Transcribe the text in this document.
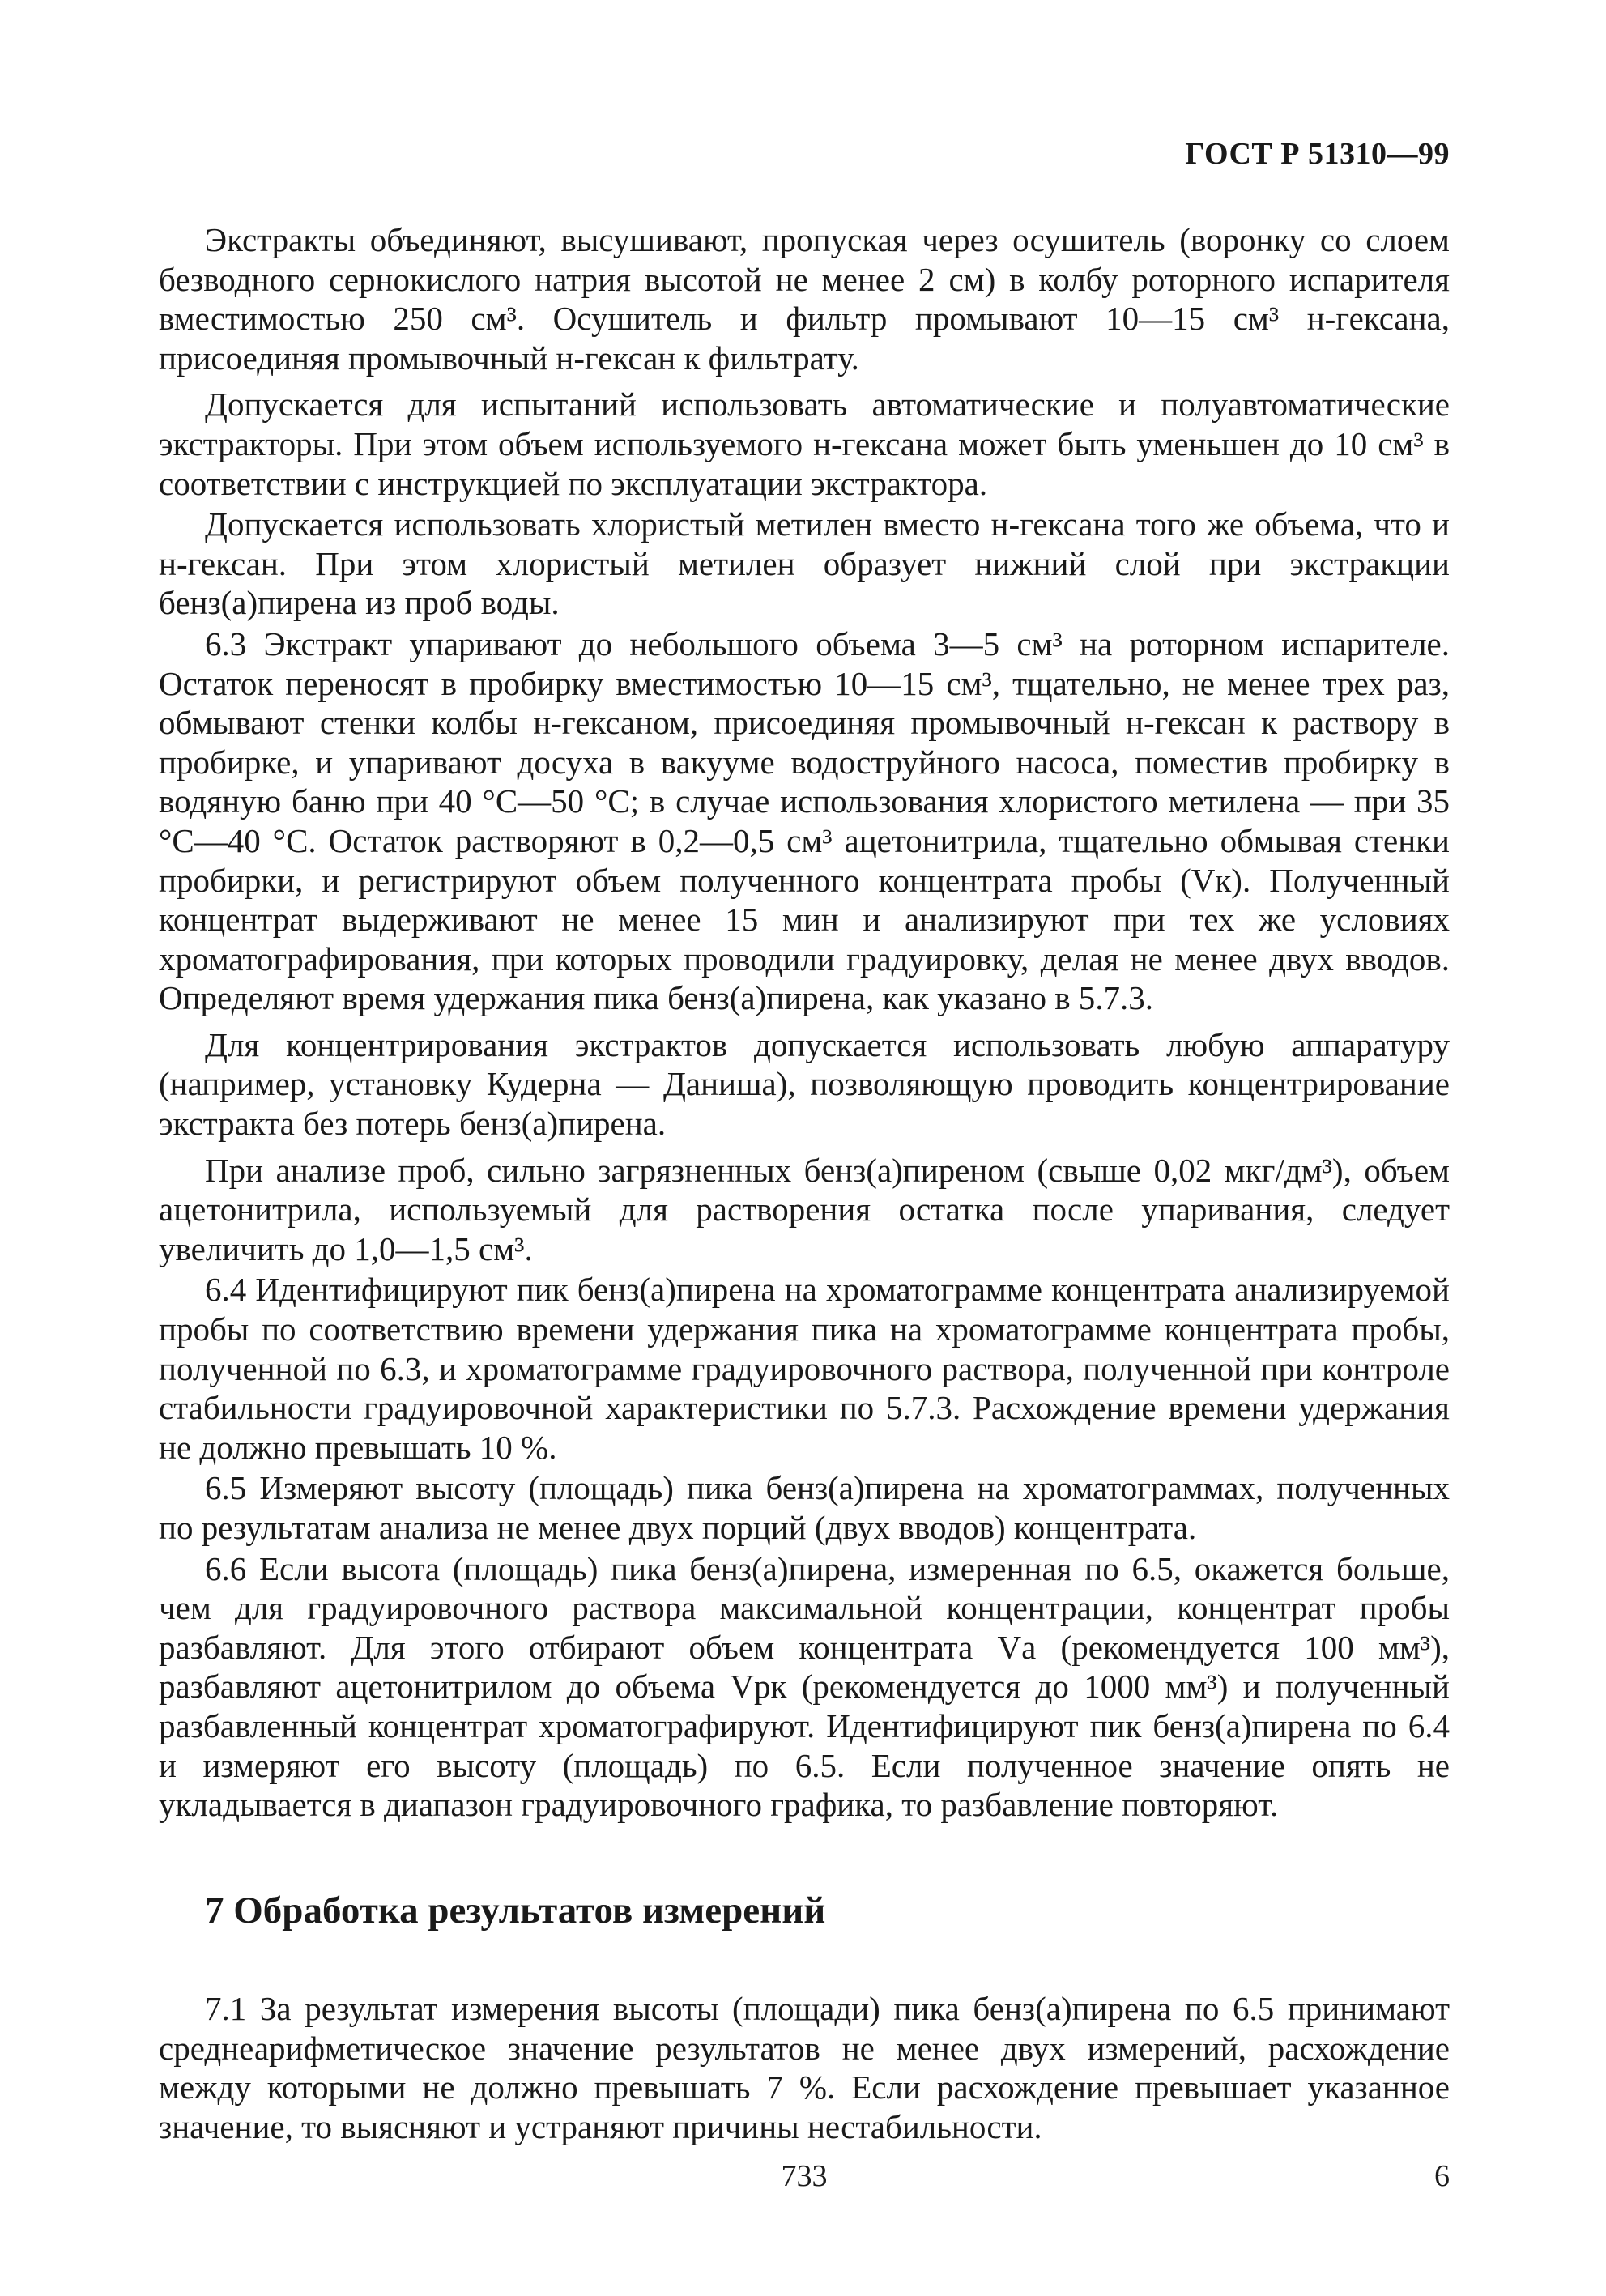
ГОСТ Р 51310—99

Экстракты объединяют, высушивают, пропуская через осушитель (воронку со слоем безводного сернокислого натрия высотой не менее 2 см) в колбу роторного испарителя вместимостью 250 см³. Осушитель и фильтр промывают 10—15 см³ н-гексана, присоединяя промывочный н-гексан к фильтрату.

Допускается для испытаний использовать автоматические и полуавтоматические экстракторы. При этом объем используемого н-гексана может быть уменьшен до 10 см³ в соответствии с инструкцией по эксплуатации экстрактора.

Допускается использовать хлористый метилен вместо н-гексана того же объема, что и н-гексан. При этом хлористый метилен образует нижний слой при экстракции бенз(а)пирена из проб воды.

6.3 Экстракт упаривают до небольшого объема 3—5 см³ на роторном испарителе. Остаток переносят в пробирку вместимостью 10—15 см³, тщательно, не менее трех раз, обмывают стенки колбы н-гексаном, присоединяя промывочный н-гексан к раствору в пробирке, и упаривают досуха в вакууме водоструйного насоса, поместив пробирку в водяную баню при 40 °С—50 °С; в случае использования хлористого метилена — при 35 °С—40 °С. Остаток растворяют в 0,2—0,5 см³ ацетонитрила, тщательно обмывая стенки пробирки, и регистрируют объем полученного концентрата пробы (Vк). Полученный концентрат выдерживают не менее 15 мин и анализируют при тех же условиях хроматографирования, при которых проводили градуировку, делая не менее двух вводов. Определяют время удержания пика бенз(а)пирена, как указано в 5.7.3.

Для концентрирования экстрактов допускается использовать любую аппаратуру (например, установку Кудерна — Даниша), позволяющую проводить концентрирование экстракта без потерь бенз(а)пирена.

При анализе проб, сильно загрязненных бенз(а)пиреном (свыше 0,02 мкг/дм³), объем ацетонитрила, используемый для растворения остатка после упаривания, следует увеличить до 1,0—1,5 см³.

6.4 Идентифицируют пик бенз(а)пирена на хроматограмме концентрата анализируемой пробы по соответствию времени удержания пика на хроматограмме концентрата пробы, полученной по 6.3, и хроматограмме градуировочного раствора, полученной при контроле стабильности градуировочной характеристики по 5.7.3. Расхождение времени удержания не должно превышать 10 %.

6.5 Измеряют высоту (площадь) пика бенз(а)пирена на хроматограммах, полученных по результатам анализа не менее двух порций (двух вводов) концентрата.

6.6 Если высота (площадь) пика бенз(а)пирена, измеренная по 6.5, окажется больше, чем для градуировочного раствора максимальной концентрации, концентрат пробы разбавляют. Для этого отбирают объем концентрата Vа (рекомендуется 100 мм³), разбавляют ацетонитрилом до объема Vрк (рекомендуется до 1000 мм³) и полученный разбавленный концентрат хроматографируют. Идентифицируют пик бенз(а)пирена по 6.4 и измеряют его высоту (площадь) по 6.5. Если полученное значение опять не укладывается в диапазон градуировочного графика, то разбавление повторяют.

7 Обработка результатов измерений

7.1 За результат измерения высоты (площади) пика бенз(а)пирена по 6.5 принимают среднеарифметическое значение результатов не менее двух измерений, расхождение между которыми не должно превышать 7 %. Если расхождение превышает указанное значение, то выясняют и устраняют причины нестабильности.

733	6
